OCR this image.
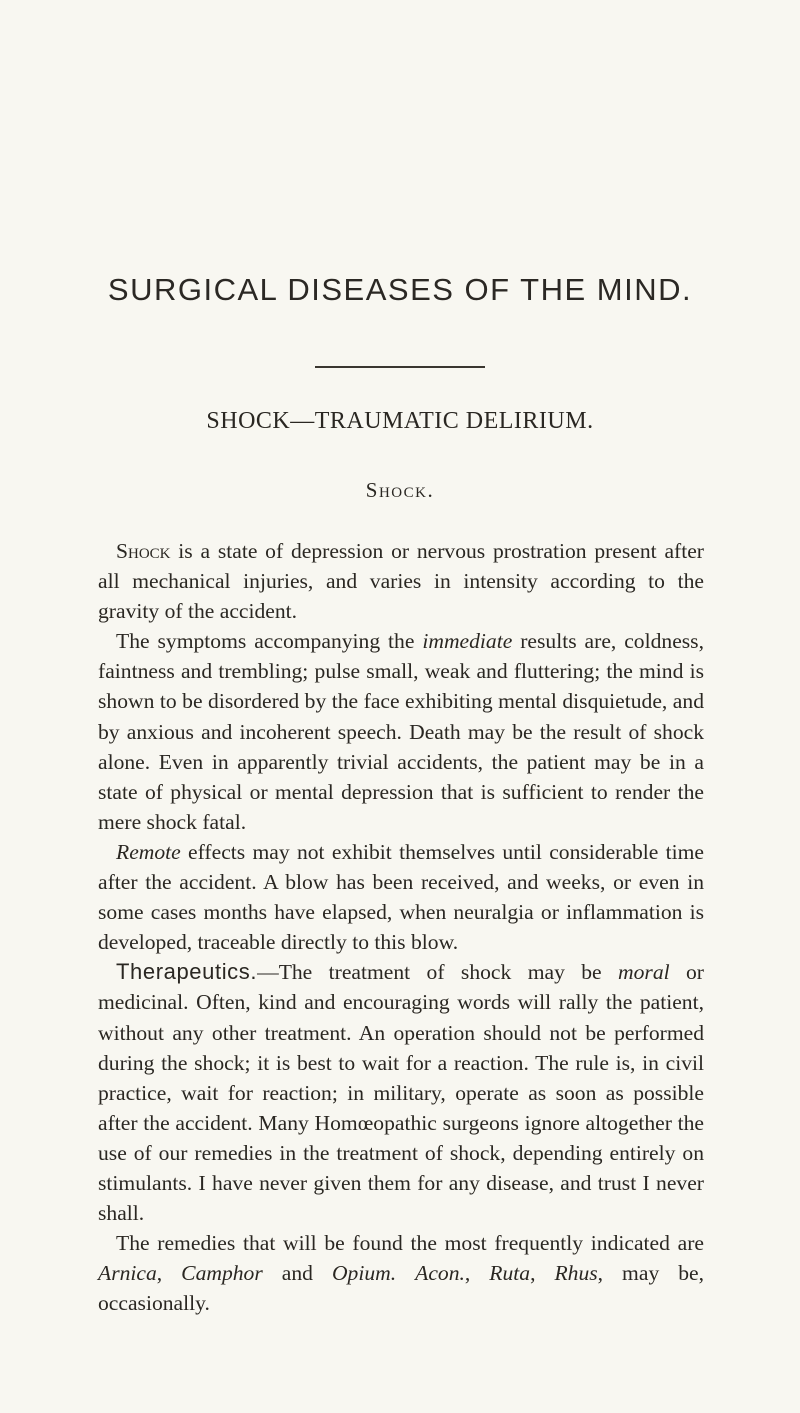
SURGICAL DISEASES OF THE MIND.
SHOCK—TRAUMATIC DELIRIUM.
Shock.

Shock is a state of depression or nervous prostration present after all mechanical injuries, and varies in intensity according to the gravity of the accident.

The symptoms accompanying the immediate results are, coldness, faintness and trembling; pulse small, weak and fluttering; the mind is shown to be disordered by the face exhibiting mental disquietude, and by anxious and incoherent speech. Death may be the result of shock alone. Even in apparently trivial accidents, the patient may be in a state of physical or mental depression that is sufficient to render the mere shock fatal.

Remote effects may not exhibit themselves until considerable time after the accident. A blow has been received, and weeks, or even in some cases months have elapsed, when neuralgia or inflammation is developed, traceable directly to this blow.

Therapeutics.—The treatment of shock may be moral or medicinal. Often, kind and encouraging words will rally the patient, without any other treatment. An operation should not be performed during the shock; it is best to wait for a reaction. The rule is, in civil practice, wait for reaction; in military, operate as soon as possible after the accident. Many Homœopathic surgeons ignore altogether the use of our remedies in the treatment of shock, depending entirely on stimulants. I have never given them for any disease, and trust I never shall.

The remedies that will be found the most frequently indicated are Arnica, Camphor and Opium. Acon., Ruta, Rhus, may be, occasionally.
